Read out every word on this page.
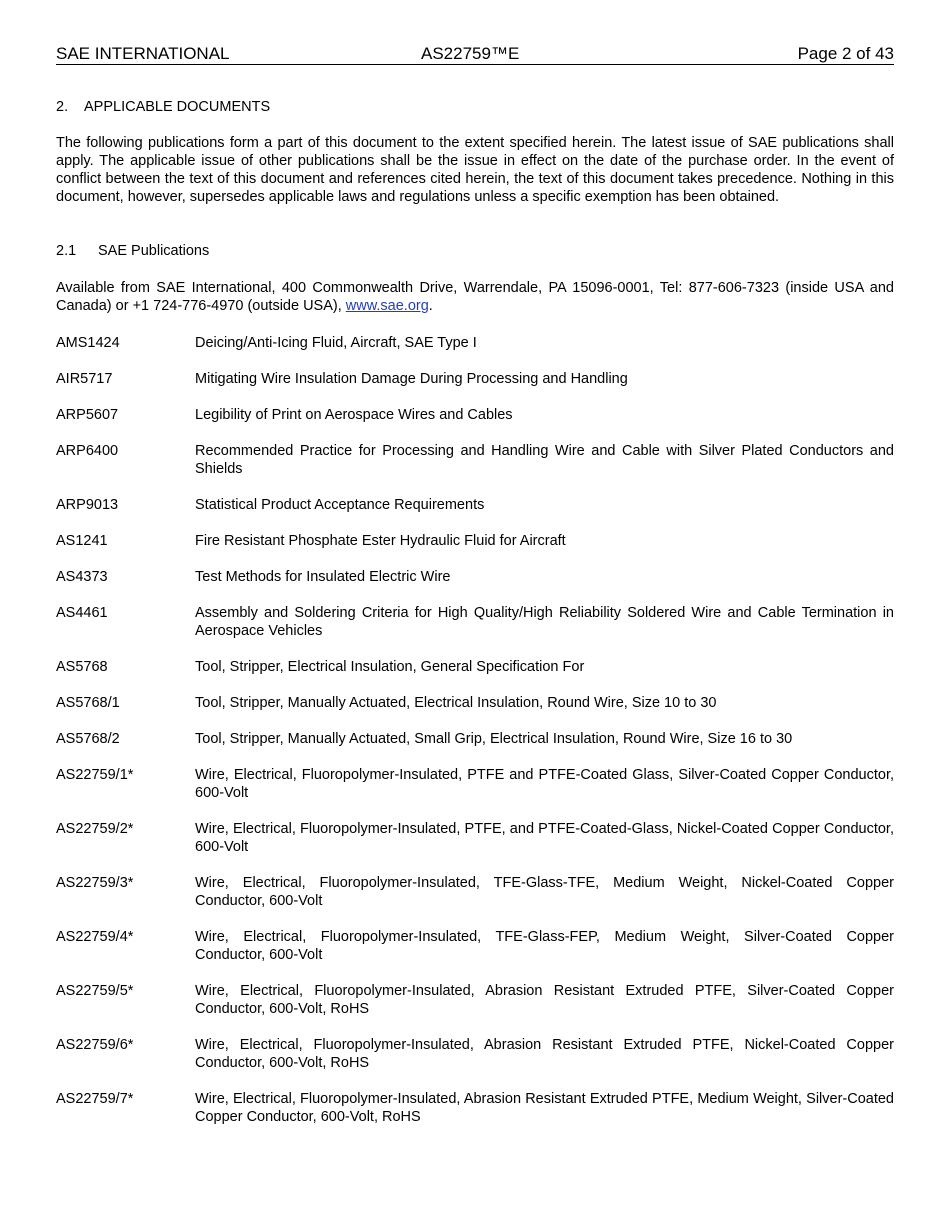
SAE INTERNATIONAL	AS22759™E	Page 2 of 43
2. APPLICABLE DOCUMENTS
The following publications form a part of this document to the extent specified herein. The latest issue of SAE publications shall apply. The applicable issue of other publications shall be the issue in effect on the date of the purchase order. In the event of conflict between the text of this document and references cited herein, the text of this document takes precedence. Nothing in this document, however, supersedes applicable laws and regulations unless a specific exemption has been obtained.
2.1 SAE Publications
Available from SAE International, 400 Commonwealth Drive, Warrendale, PA 15096-0001, Tel: 877-606-7323 (inside USA and Canada) or +1 724-776-4970 (outside USA), www.sae.org.
AMS1424	Deicing/Anti-Icing Fluid, Aircraft, SAE Type I
AIR5717	Mitigating Wire Insulation Damage During Processing and Handling
ARP5607	Legibility of Print on Aerospace Wires and Cables
ARP6400	Recommended Practice for Processing and Handling Wire and Cable with Silver Plated Conductors and Shields
ARP9013	Statistical Product Acceptance Requirements
AS1241	Fire Resistant Phosphate Ester Hydraulic Fluid for Aircraft
AS4373	Test Methods for Insulated Electric Wire
AS4461	Assembly and Soldering Criteria for High Quality/High Reliability Soldered Wire and Cable Termination in Aerospace Vehicles
AS5768	Tool, Stripper, Electrical Insulation, General Specification For
AS5768/1	Tool, Stripper, Manually Actuated, Electrical Insulation, Round Wire, Size 10 to 30
AS5768/2	Tool, Stripper, Manually Actuated, Small Grip, Electrical Insulation, Round Wire, Size 16 to 30
AS22759/1*	Wire, Electrical, Fluoropolymer-Insulated, PTFE and PTFE-Coated Glass, Silver-Coated Copper Conductor, 600-Volt
AS22759/2*	Wire, Electrical, Fluoropolymer-Insulated, PTFE, and PTFE-Coated-Glass, Nickel-Coated Copper Conductor, 600-Volt
AS22759/3*	Wire, Electrical, Fluoropolymer-Insulated, TFE-Glass-TFE, Medium Weight, Nickel-Coated Copper Conductor, 600-Volt
AS22759/4*	Wire, Electrical, Fluoropolymer-Insulated, TFE-Glass-FEP, Medium Weight, Silver-Coated Copper Conductor, 600-Volt
AS22759/5*	Wire, Electrical, Fluoropolymer-Insulated, Abrasion Resistant Extruded PTFE, Silver-Coated Copper Conductor, 600-Volt, RoHS
AS22759/6*	Wire, Electrical, Fluoropolymer-Insulated, Abrasion Resistant Extruded PTFE, Nickel-Coated Copper Conductor, 600-Volt, RoHS
AS22759/7*	Wire, Electrical, Fluoropolymer-Insulated, Abrasion Resistant Extruded PTFE, Medium Weight, Silver-Coated Copper Conductor, 600-Volt, RoHS
